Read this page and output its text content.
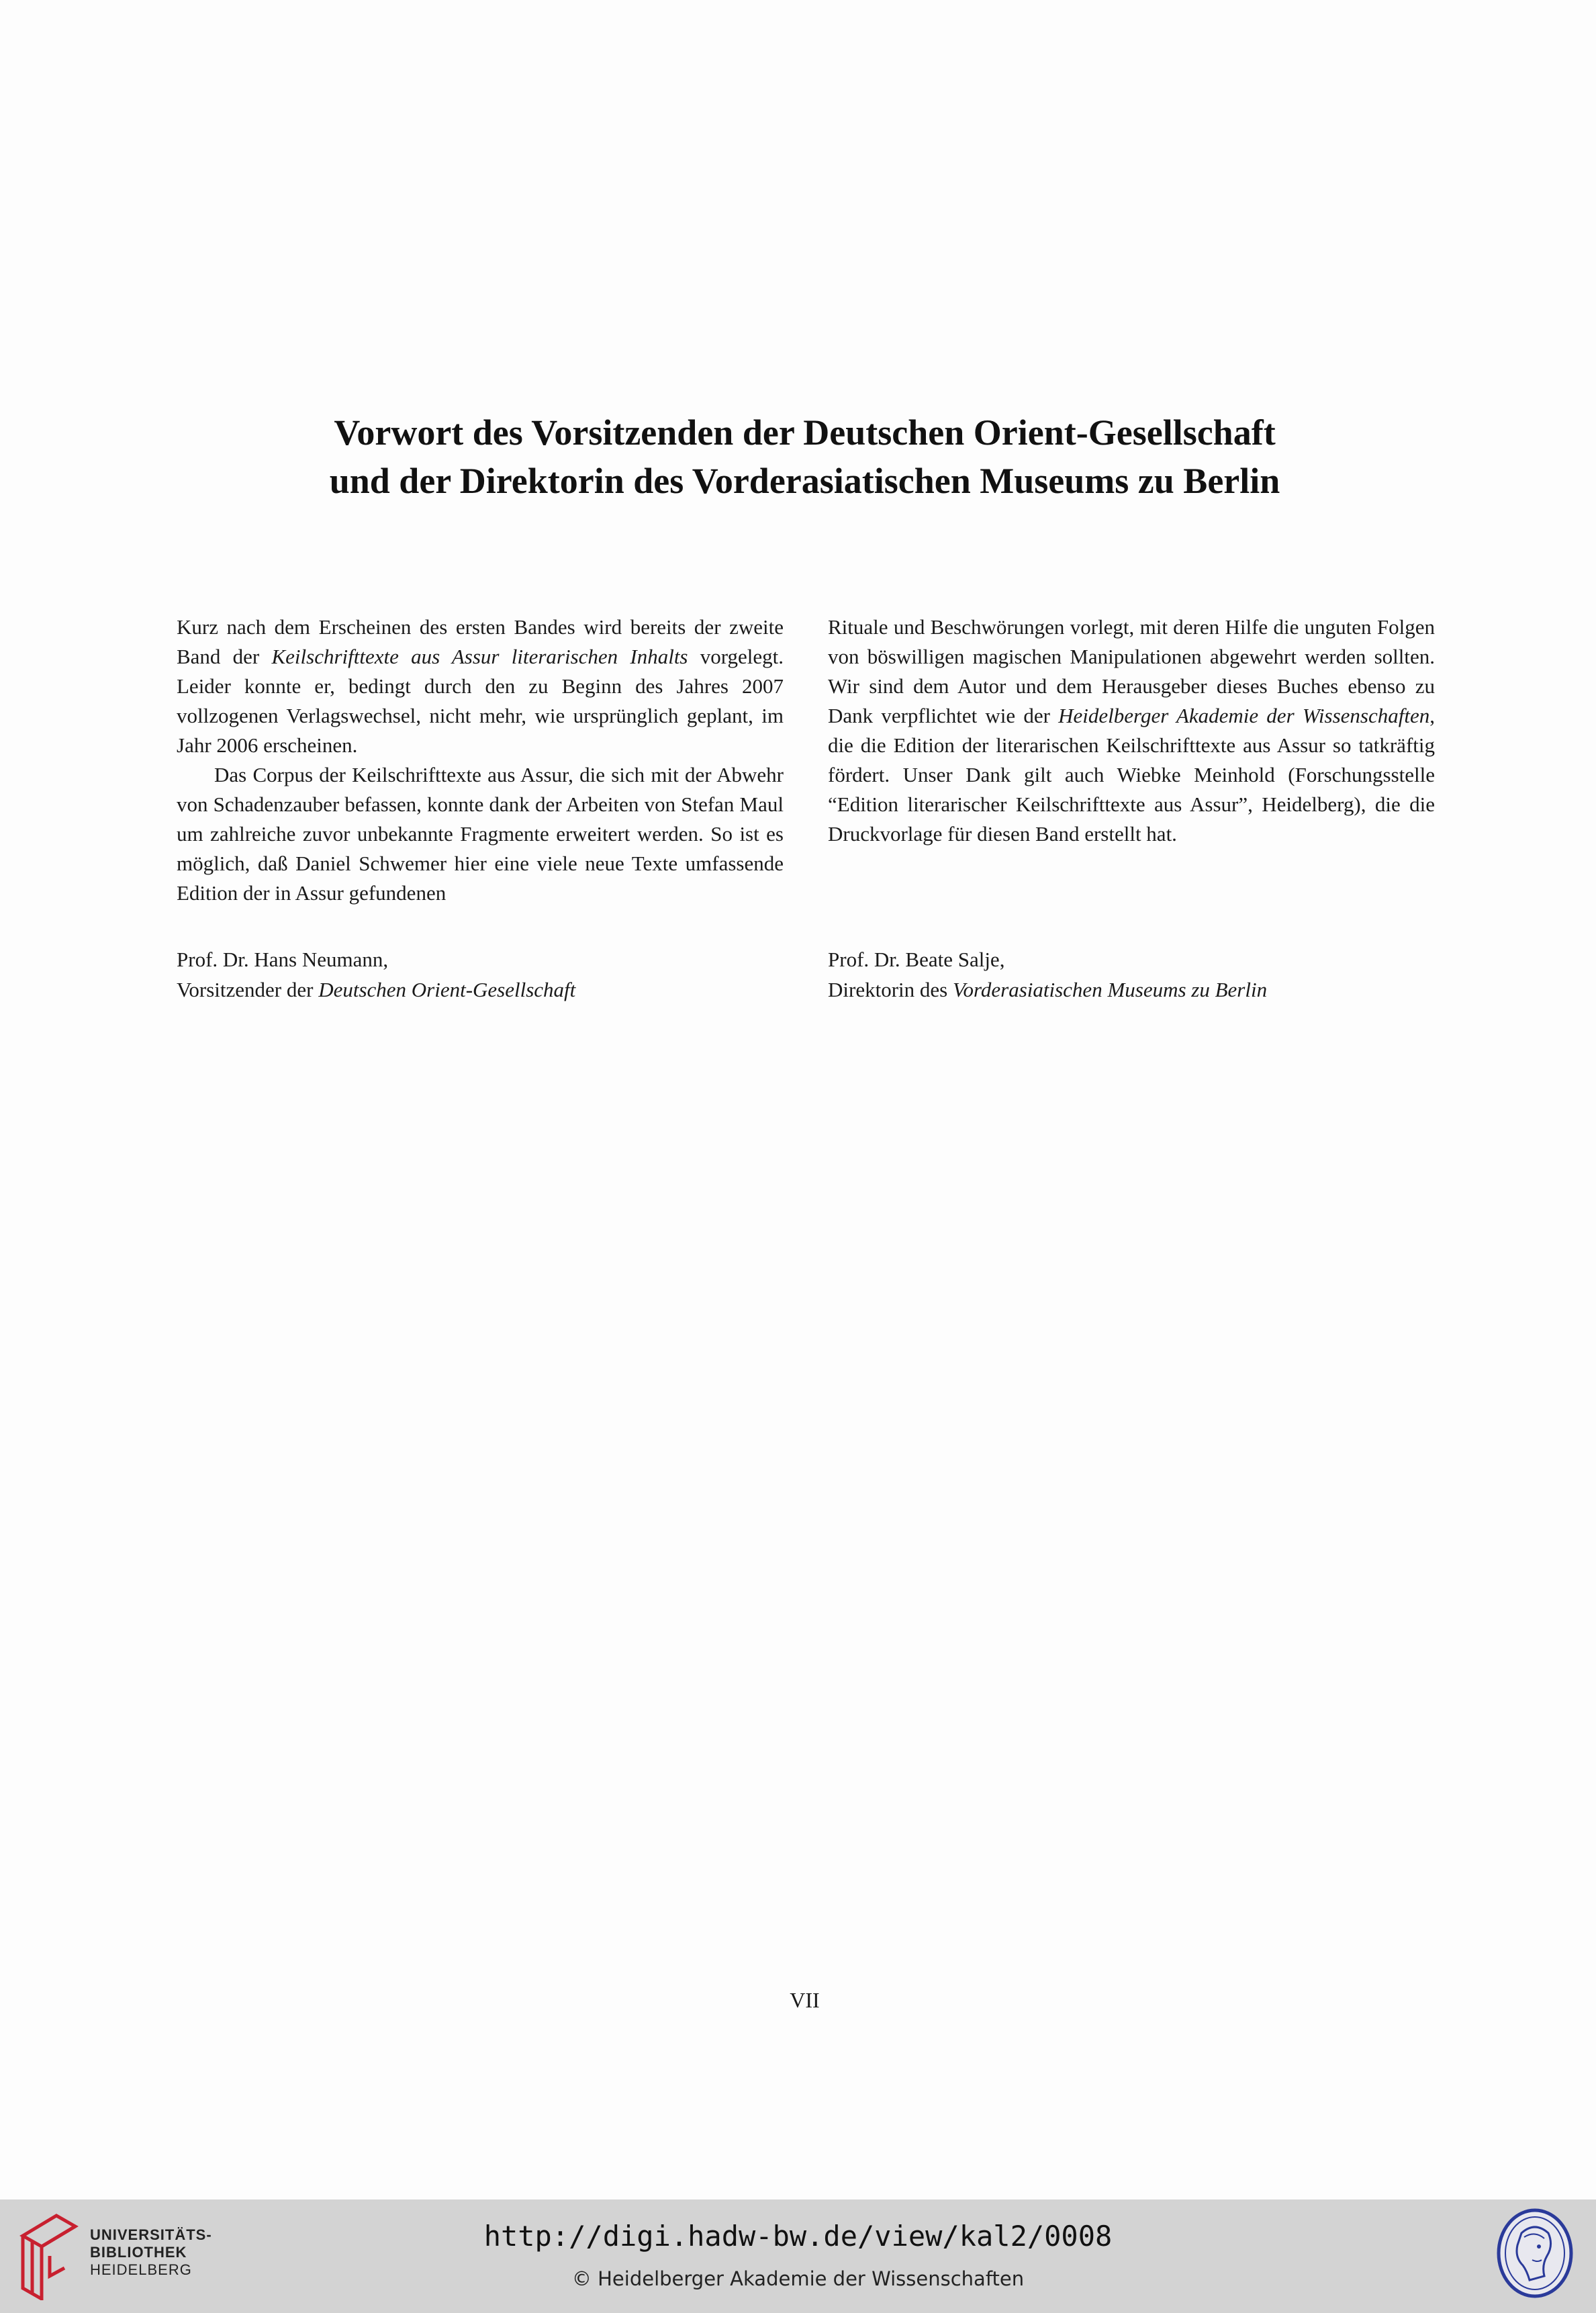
Vorwort des Vorsitzenden der Deutschen Orient-Gesellschaft
und der Direktorin des Vorderasiatischen Museums zu Berlin

Kurz nach dem Erscheinen des ersten Bandes wird bereits der zweite Band der Keilschrifttexte aus Assur literarischen Inhalts vorgelegt. Leider konnte er, bedingt durch den zu Beginn des Jahres 2007 vollzogenen Verlagswechsel, nicht mehr, wie ursprünglich geplant, im Jahr 2006 erscheinen.

Das Corpus der Keilschrifttexte aus Assur, die sich mit der Abwehr von Schadenzauber befassen, konnte dank der Arbeiten von Stefan Maul um zahlreiche zuvor unbekannte Fragmente erweitert werden. So ist es möglich, daß Daniel Schwemer hier eine viele neue Texte umfassende Edition der in Assur gefundenen

Rituale und Beschwörungen vorlegt, mit deren Hilfe die unguten Folgen von böswilligen magischen Manipulationen abgewehrt werden sollten. Wir sind dem Autor und dem Herausgeber dieses Buches ebenso zu Dank verpflichtet wie der Heidelberger Akademie der Wissenschaften, die die Edition der literarischen Keilschrifttexte aus Assur so tatkräftig fördert. Unser Dank gilt auch Wiebke Meinhold (Forschungsstelle “Edition literarischer Keilschrifttexte aus Assur”, Heidelberg), die die Druckvorlage für diesen Band erstellt hat.

Prof. Dr. Hans Neumann,
Vorsitzender der Deutschen Orient-Gesellschaft
Prof. Dr. Beate Salje,
Direktorin des Vorderasiatischen Museums zu Berlin
VII
UNIVERSITÄTS-
BIBLIOTHEK
HEIDELBERG
http://digi.hadw-bw.de/view/kal2/0008
© Heidelberger Akademie der Wissenschaften
